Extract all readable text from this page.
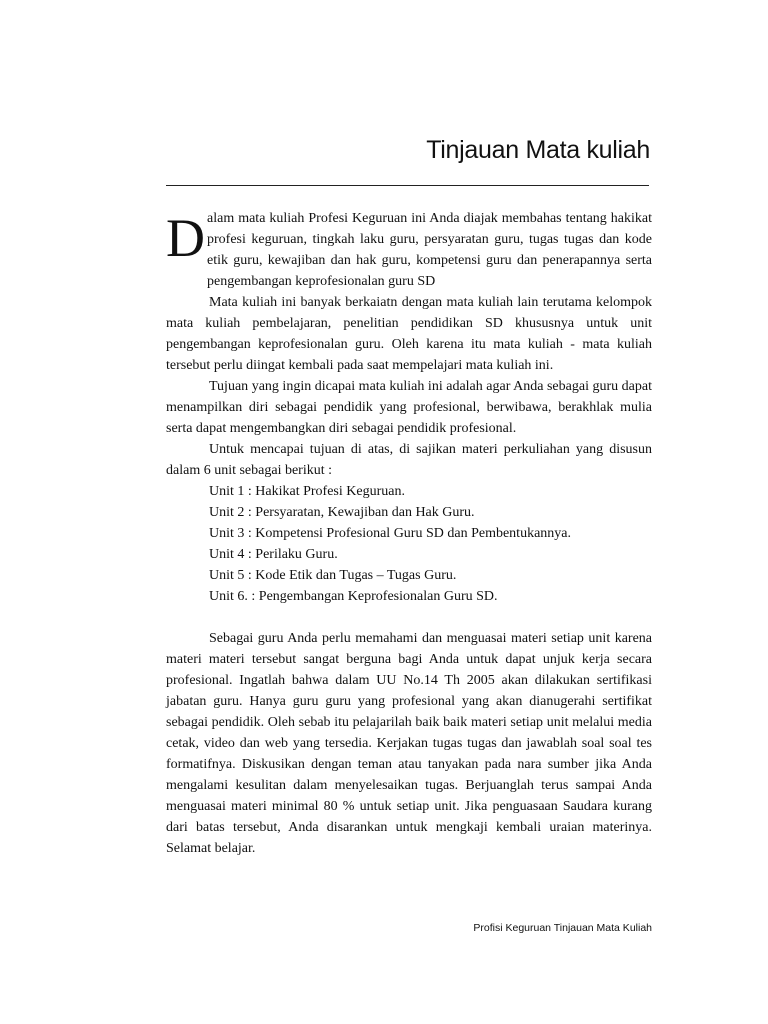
Tinjauan Mata kuliah

D alam mata kuliah Profesi Keguruan ini Anda diajak membahas tentang hakikat profesi keguruan, tingkah laku guru, persyaratan guru, tugas tugas dan kode etik guru, kewajiban dan hak guru, kompetensi guru dan penerapannya serta pengembangan keprofesionalan guru SD

Mata kuliah ini banyak berkaiatn dengan mata kuliah lain terutama kelompok mata kuliah pembelajaran, penelitian pendidikan SD khususnya untuk unit pengembangan keprofesionalan guru. Oleh karena itu mata kuliah - mata kuliah tersebut perlu diingat kembali pada saat mempelajari mata kuliah ini.

Tujuan yang ingin dicapai mata kuliah ini adalah agar Anda sebagai guru dapat menampilkan diri sebagai pendidik yang profesional, berwibawa, berakhlak mulia serta dapat mengembangkan diri sebagai pendidik profesional.

Untuk mencapai tujuan di atas, di sajikan materi perkuliahan yang disusun dalam 6 unit sebagai berikut :

Unit 1 : Hakikat Profesi Keguruan.
Unit 2 : Persyaratan, Kewajiban dan Hak Guru.
Unit 3 : Kompetensi Profesional Guru SD dan Pembentukannya.
Unit 4 : Perilaku Guru.
Unit 5 : Kode Etik dan Tugas – Tugas Guru.
Unit 6. : Pengembangan Keprofesionalan Guru SD.

Sebagai guru Anda perlu memahami dan menguasai materi setiap unit karena materi materi tersebut sangat berguna bagi Anda untuk dapat unjuk kerja secara profesional. Ingatlah bahwa dalam UU No.14 Th 2005 akan dilakukan sertifikasi jabatan guru. Hanya guru guru yang profesional yang akan dianugerahi sertifikat sebagai pendidik. Oleh sebab itu pelajarilah baik baik materi setiap unit melalui media cetak, video dan web yang tersedia. Kerjakan tugas tugas dan jawablah soal soal tes formatifnya. Diskusikan dengan teman atau tanyakan pada nara sumber jika Anda mengalami kesulitan dalam menyelesaikan tugas. Berjuanglah terus sampai Anda menguasai materi minimal 80 % untuk setiap unit. Jika penguasaan Saudara kurang dari batas tersebut, Anda disarankan untuk mengkaji kembali uraian materinya. Selamat belajar.

Profisi Keguruan Tinjauan Mata Kuliah
